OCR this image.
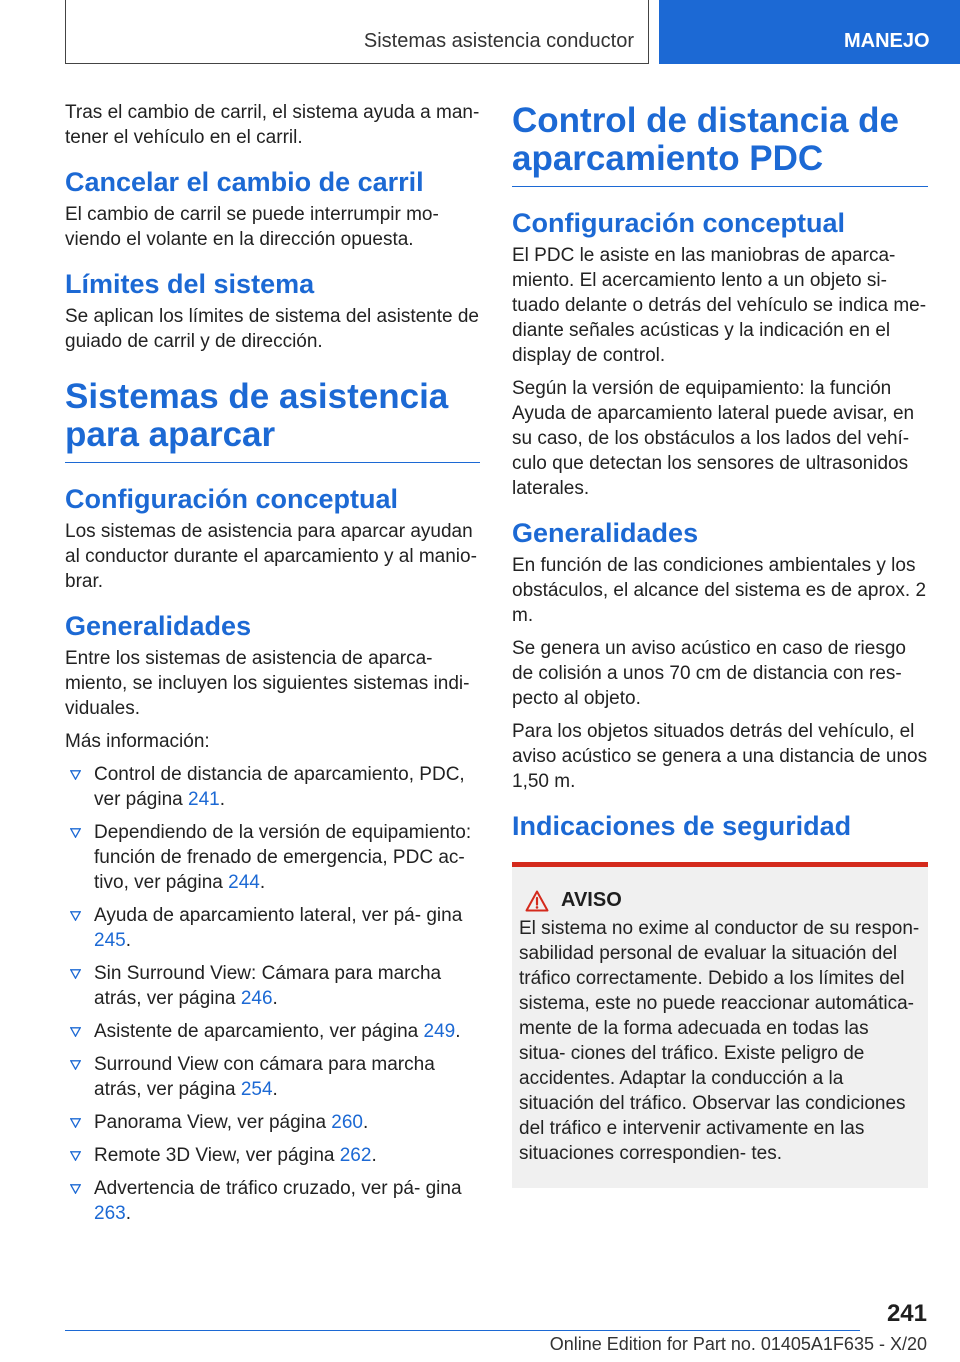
Sistemas asistencia conductor	MANEJO

Tras el cambio de carril, el sistema ayuda a man‐ tener el vehículo en el carril.

Cancelar el cambio de carril

El cambio de carril se puede interrumpir mo‐ viendo el volante en la dirección opuesta.

Límites del sistema

Se aplican los límites de sistema del asistente de guiado de carril y de dirección.

Sistemas de asistencia para aparcar
Configuración conceptual

Los sistemas de asistencia para aparcar ayudan al conductor durante el aparcamiento y al manio‐ brar.

Generalidades

Entre los sistemas de asistencia de aparca‐ miento, se incluyen los siguientes sistemas indi‐ viduales.

Más información:

Control de distancia de aparcamiento, PDC, ver página 241.
Dependiendo de la versión de equipamiento: función de frenado de emergencia, PDC ac‐ tivo, ver página 244.
Ayuda de aparcamiento lateral, ver pá‐ gina 245.
Sin Surround View: Cámara para marcha atrás, ver página 246.
Asistente de aparcamiento, ver página 249.
Surround View con cámara para marcha atrás, ver página 254.
Panorama View, ver página 260.
Remote 3D View, ver página 262.
Advertencia de tráfico cruzado, ver pá‐ gina 263.
Control de distancia de aparcamiento PDC
Configuración conceptual

El PDC le asiste en las maniobras de aparca‐ miento. El acercamiento lento a un objeto si‐ tuado delante o detrás del vehículo se indica me‐ diante señales acústicas y la indicación en el display de control.

Según la versión de equipamiento: la función Ayuda de aparcamiento lateral puede avisar, en su caso, de los obstáculos a los lados del vehí‐ culo que detectan los sensores de ultrasonidos laterales.

Generalidades

En función de las condiciones ambientales y los obstáculos, el alcance del sistema es de aprox. 2 m.

Se genera un aviso acústico en caso de riesgo de colisión a unos 70 cm de distancia con res‐ pecto al objeto.

Para los objetos situados detrás del vehículo, el aviso acústico se genera a una distancia de unos 1,50 m.

Indicaciones de seguridad
AVISO

El sistema no exime al conductor de su respon‐ sabilidad personal de evaluar la situación del tráfico correctamente. Debido a los límites del sistema, este no puede reaccionar automática‐ mente de la forma adecuada en todas las situa‐ ciones del tráfico. Existe peligro de accidentes. Adaptar la conducción a la situación del tráfico. Observar las condiciones del tráfico e intervenir activamente en las situaciones correspondien‐ tes.

241
Online Edition for Part no. 01405A1F635 - X/20
